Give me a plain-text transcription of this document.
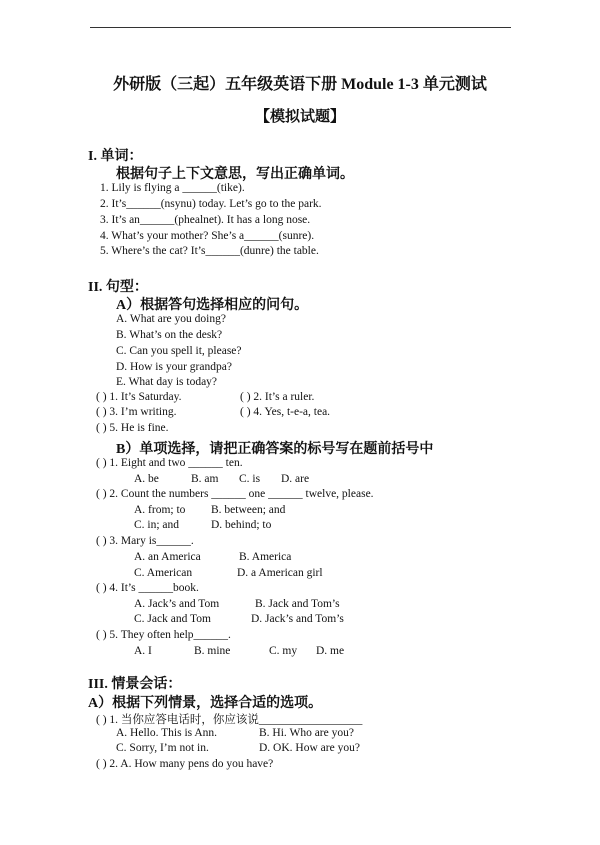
外研版（三起）五年级英语下册 Module 1-3 单元测试
【模拟试题】
I. 单词：
根据句子上下文意思，写出正确单词。
1. Lily is flying a ______(tike).
2. It’s______(nsynu) today. Let’s go to the park.
3. It’s an______(phealnet). It has a long nose.
4. What’s your mother? She’s a______(sunre).
5. Where’s the cat? It’s______(dunre) the table.
II. 句型：
A）根据答句选择相应的问句。
A. What are you doing?
B. What’s on the desk?
C. Can you spell it, please?
D. How is your grandpa?
E. What day is today?
( ) 1. It’s Saturday.	( ) 2. It’s a ruler.
( ) 3. I’m writing.	( ) 4. Yes, t-e-a, tea.
( ) 5. He is fine.
B）单项选择，请把正确答案的标号写在题前括号中
( ) 1. Eight and two ______ ten.
A. be	B. am C. is D. are
( ) 2. Count the numbers ______ one ______ twelve, please.
A. from; to B. between; and
C. in; and	D. behind; to
( ) 3. Mary is______.
A. an America	B. America
C. American	D. a American girl
( ) 4. It’s ______book.
A. Jack’s and Tom	B. Jack and Tom’s
C. Jack and Tom	D. Jack’s and Tom’s
( ) 5. They often help______.
A. I	B. mine	C. my D. me
III. 情景会话：
A）根据下列情景，选择合适的选项。
( ) 1. 当你应答电话时，你应该说__________________
A. Hello. This is Ann.	B. Hi. Who are you?
C. Sorry, I’m not in.	D. OK. How are you?
( ) 2. A. How many pens do you have?
